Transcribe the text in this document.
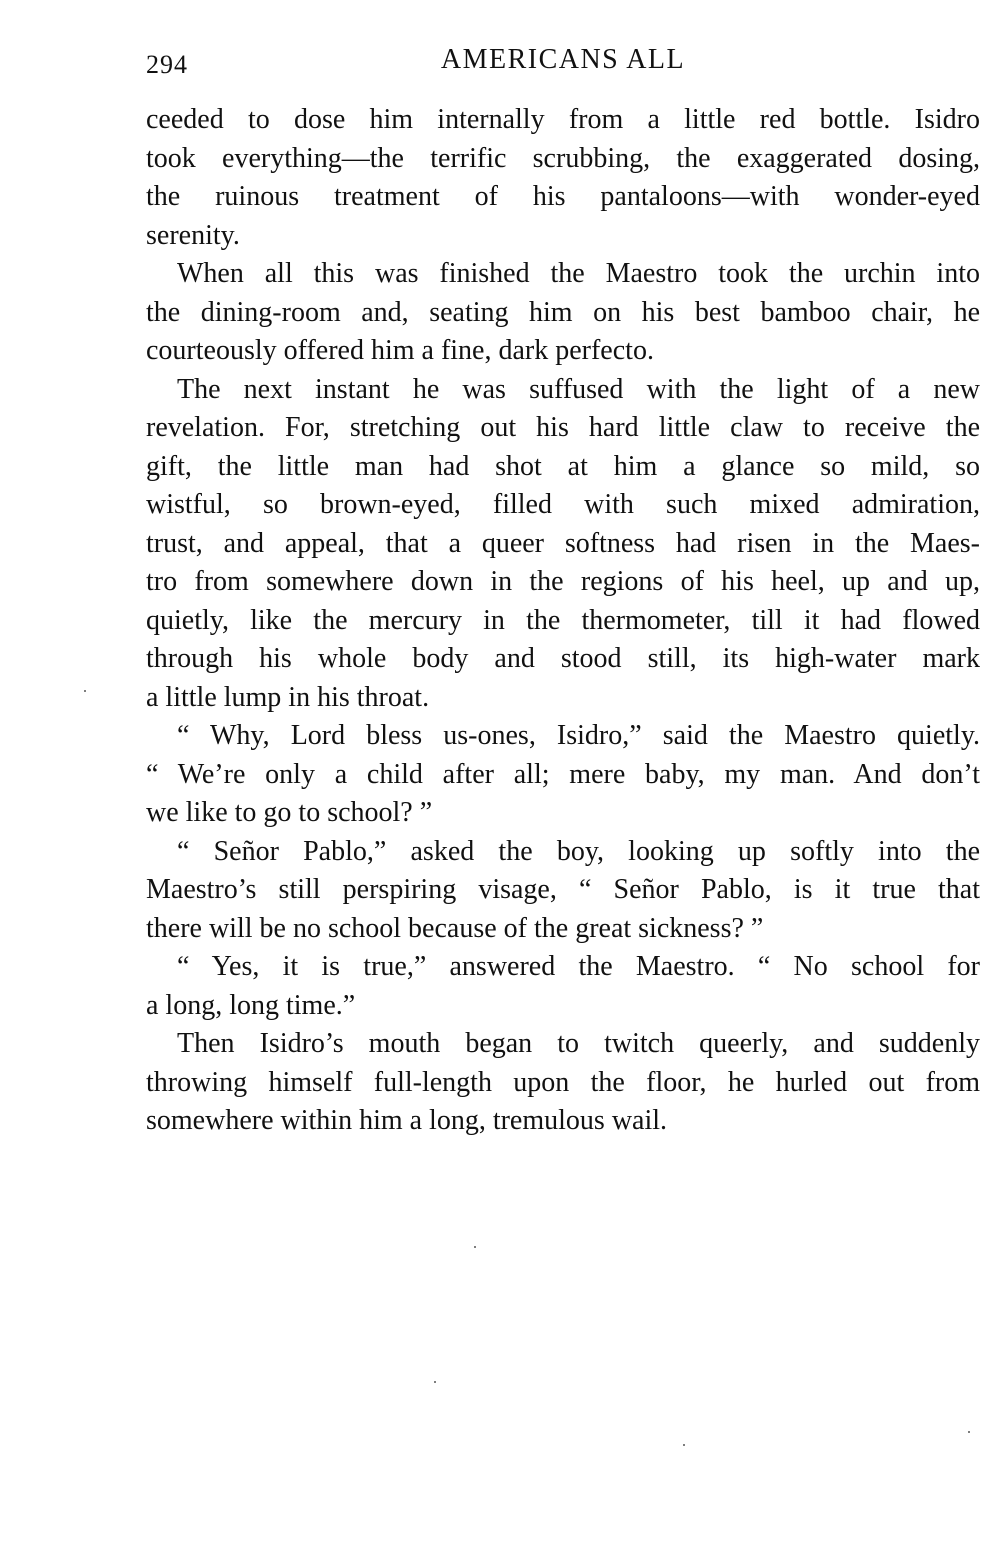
294	AMERICANS ALL
ceeded to dose him internally from a little red bottle. Isidro
took everything—the terrific scrubbing, the exaggerated dosing,
the ruinous treatment of his pantaloons—with wonder-eyed
serenity.
When all this was finished the Maestro took the urchin into
the dining-room and, seating him on his best bamboo chair, he
courteously offered him a fine, dark perfecto.
The next instant he was suffused with the light of a new
revelation. For, stretching out his hard little claw to receive the
gift, the little man had shot at him a glance so mild, so
wistful, so brown-eyed, filled with such mixed admiration,
trust, and appeal, that a queer softness had risen in the Maes-
tro from somewhere down in the regions of his heel, up and up,
quietly, like the mercury in the thermometer, till it had flowed
through his whole body and stood still, its high-water mark
a little lump in his throat.
“ Why, Lord bless us-ones, Isidro,” said the Maestro quietly.
“ We’re only a child after all; mere baby, my man. And don’t
we like to go to school? ”
“ Señor Pablo,” asked the boy, looking up softly into the
Maestro’s still perspiring visage, “ Señor Pablo, is it true that
there will be no school because of the great sickness? ”
“ Yes, it is true,” answered the Maestro. “ No school for
a long, long time.”
Then Isidro’s mouth began to twitch queerly, and suddenly
throwing himself full-length upon the floor, he hurled out from
somewhere within him a long, tremulous wail.
